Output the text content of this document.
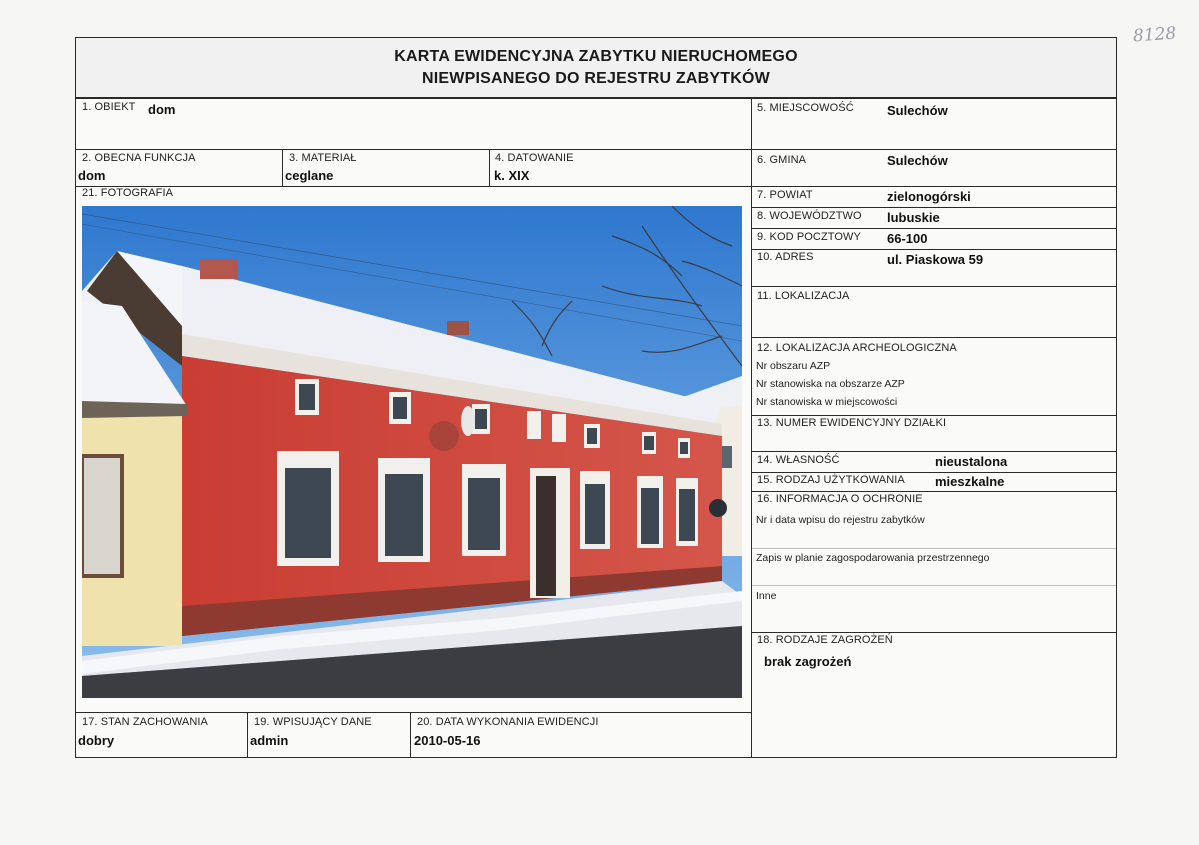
8128
KARTA EWIDENCYJNA ZABYTKU NIERUCHOMEGO
NIEWPISANEGO DO REJESTRU ZABYTKÓW
1. OBIEKT dom
2. OBECNA FUNKCJA
dom
3. MATERIAŁ
ceglane
4. DATOWANIE
k. XIX
21. FOTOGRAFIA
17. STAN ZACHOWANIA
dobry
19. WPISUJĄCY DANE
admin
20. DATA WYKONANIA EWIDENCJI
2010-05-16
5. MIEJSCOWOŚĆ	Sulechów
6. GMINA	Sulechów
7. POWIAT	zielonogórski
8. WOJEWÓDZTWO lubuskie
9. KOD POCZTOWY 66-100
10. ADRES	ul. Piaskowa 59
11. LOKALIZACJA
12. LOKALIZACJA ARCHEOLOGICZNA
Nr obszaru AZP
Nr stanowiska na obszarze AZP
Nr stanowiska w miejscowości
13. NUMER EWIDENCYJNY DZIAŁKI
14. WŁASNOŚĆ	nieustalona
15. RODZAJ UŻYTKOWANIA mieszkalne
16. INFORMACJA O OCHRONIE
Nr i data wpisu do rejestru zabytków
Zapis w planie zagospodarowania przestrzennego
Inne
18. RODZAJE ZAGROŻEŃ
brak zagrożeń
